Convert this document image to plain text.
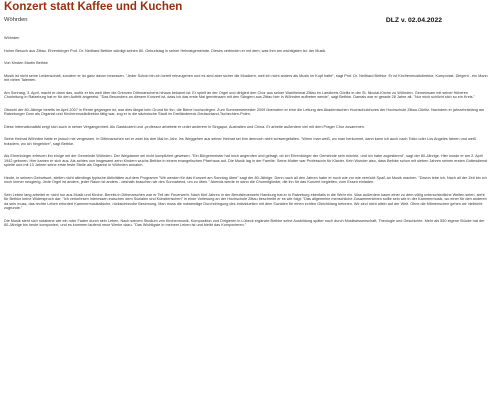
Konzert statt Kaffee und Kuchen
DLZ v. 02.04.2022
Wöhrden

Wöhrden

Hoher Besuch aus Zittau. Ehrenbürger Prof. Dr. Neithard Bethke würdigt seinen 80. Geburtstag in seiner Heimatgemeinde. Dieses verbinden er mit dem, was ihm am wichtigsten ist: der Musik.

Von Kirsten Martin Bethke

Musik ist nicht seine Leidenschaft, sondern er ist ganz davon besessen. "Jeder Schub bin ich bereit reinzugehen und es sind aber sicher die Musikern, weil ich nicht anders als Musik im Kopf hatte", sagt Prof. Dr. Neithard Bethke. Er ist Kirchenmusikdirektor, Komponist, Dirigent - ein Mann mit vielen Talenten.

Am Sonntag, 3. April, macht er dann das, wofür er bis weit über die Grenzen Dithmarschens hinaus bekannt ist: Er spielt an der Orgel und dirigiert den Chor aus seiner Wahlheimat Zittau im Landkreis Görlitz in der St. Nicolai-Kirche zu Wöhrden. Gemeinsam mit seiner früheren Chorleitung in Ratzeburg hat er für den Auftritt angereist. "Das Besonders an diesem Konzert ist, dass ich das erste Mal gemeinsam mit den Sängern aus Zittau hier in Wöhrden auftreten werde", sagt Bethke. Damals war er gerade 28 Jahre alt. "Nur mich schlicht sich so ein Kreis."

Obwohl der 80-Jährige bereits im April 2007 in Rente gegangen ist, war dies längst kein Grund für ihn, die Beine hochzulegen. Zum Sommersemester 2009 übernahm er eine die Leitung des Akademischen Hochschulchores der Hochschule Zittau-Görlitz. Nachdem er jahrzehntelang am Ratzeburger Dom als Organist und Kirchenmusikdirektor tätig war, zog er in die sächsische Stadt im Dreiländereck Deutschland-Tschechien-Polen.

Diese Internationalität zeigt sich auch in seiner Vergangenheit. Als Gastdozent und -professor arbeitete er unter anderem in Singapur, Australien und China. Er arbeite außerdem viel mit dem Prager Chor zusammen.

Seine Heimat Wöhrden hatte er jedoch nie vergessen. In Dithmarschen sei er zwei bis drei Mal im Jahr. Ins Weggehen aus seiner Heimat sei ihm dennoch nicht schwergefallen. "Wenn man weiß, wo man herkommt, dann kann ich auch nach Tokio oder Los Angeles fahren und weiß trotzdem, wo ich hingehöre", sagt Bethke.

Als Ehrenbürger erfreuen ihn einige mit der Gemeinde Wöhrden. Der Wegdamm sei nicht kompliziert gewesen. "Ein Bürgermeister hat mich angerufen und gefragt, ob ich Ehrenbürger der Gemeinde sein möchte, und ich habe zugestimmt", sagt der 80-Jährige. Hier wurde er am 2. April 1942 geboren. Hier kamen er sich aus. Als achtes von insgesamt zehn Kindern wuchs Bethke in einem evangelischen Pfarrhaus auf. Die Musik lag in der Familie. Seine Mutter war Professorin für Klavier. Kein Wunder also, dass Bethke schon mit sieben Jahren seinen ersten Gottesdienst spielte und mit 13 Jahren seine erste feste Stelle als Organist in Wöhrden annahm.

Heute, in seinem Geburtsort, stellen nicht allerdings typische Aktivitäten auf dem Programm "Wir werden für das Konzert am Sonntag üben" sagt der 80-Jährige. Denn nach all den Jahren habe er noch wie vor wie verrückt Spaß an Musik machen. "Davon lebe ich. Nach all der Zeit bin ich noch immer neugierig. Jede Orgel ist anders, jeder Raum ist anders - deshalb brauchen wir den Sonnabend, um zu üben." Abends werde er dann die Chormitglieder, die ihn für das Konzert begleiten, zum Essen einladen.

Sein Leben lang arbeitet er nicht nur aus Musik und Kirche. Bereits in Dithmarschen war er Teil der Feuerwehr. Nach fünf Jahren in der Berufsfeuerwehr Hamburg trat er in Ratzeburg ebenfalls in die Wehr ein. Was außerdem kaum einer zu dem völlig unterschiedliche Welten seien, sieht für Bethke keine Widerspruch dar: "Ich verkehrsen Interessen zwischen dem Sozialen und Künstlerischen" in einer Vorlesung an der Hochschule Zittau beschreibt er es wie folgt: "Das allgemeine menschliche Zusammenleben sollte sein wie in der Kammermusik, wo einer für den anderen da sein muss, das rechte Leben erfordert Kammermusikalische, rücksichtsvolle Besinnung. Man muss die notwendige Durchdringung des Individuellen mit dem Sozialen für einen echten Gleichklang betonen. Wir sind nicht allein auf der Welt. Ohne die Mitmenschen gehen wir vielleicht zugrunde."

Die Musik steht sich notabene wie ein roter Faden durch sein Leben. Nach seinem Studium von Kirchenmusik, Komposition und Dirigieren in Lübeck ergänzte Bethke seine Ausbildung später noch durch Musikwissenschaft, Theologie und Geschichte. Mehr als 550 eigene Stücke hat der 80-Jährige bis heute komponiert, und es kommen laufend neue Werke dazu. "Das Wichtigste in meinem Leben ist und bleibt das Komponieren."
